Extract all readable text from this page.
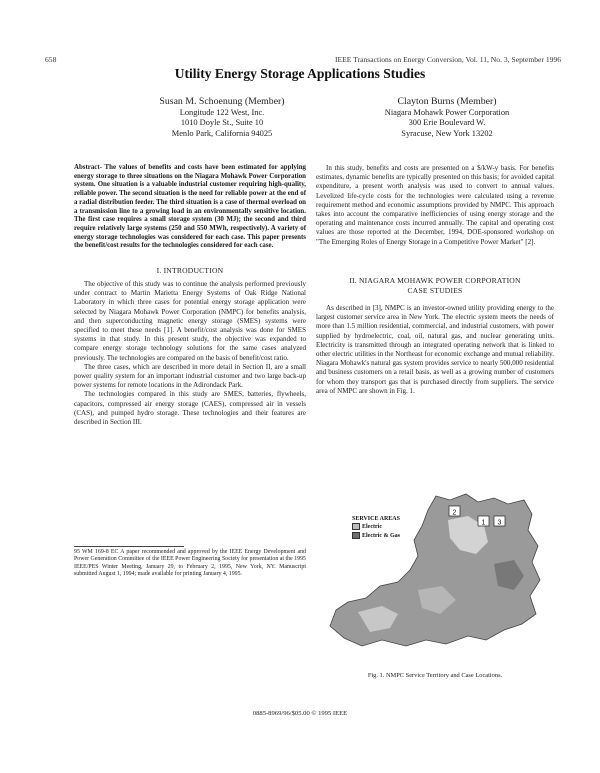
658	IEEE Transactions on Energy Conversion, Vol. 11, No. 3, September 1996
Utility Energy Storage Applications Studies
Susan M. Schoenung (Member)
Longitude 122 West, Inc.
1010 Doyle St., Suite 10
Menlo Park, California 94025
Clayton Burns (Member)
Niagara Mohawk Power Corporation
300 Erie Boulevard W.
Syracuse, New York 13202
Abstract- The values of benefits and costs have been estimated for applying energy storage to three situations on the Niagara Mohawk Power Corporation system. One situation is a valuable industrial customer requiring high-quality, reliable power. The second situation is the need for reliable power at the end of a radial distribution feeder. The third situation is a case of thermal overload on a transmission line to a growing load in an environmentally sensitive location. The first case requires a small storage system (30 MJ); the second and third require relatively large systems (250 and 550 MWh, respectively). A variety of energy storage technologies was considered for each case. This paper presents the benefit/cost results for the technologies considered for each case.
I. INTRODUCTION

The objective of this study was to continue the analysis performed previously under contract to Martin Marietta Energy Systems of Oak Ridge National Laboratory in which three cases for potential energy storage application were selected by Niagara Mohawk Power Corporation (NMPC) for benefits analysis, and then superconducting magnetic energy storage (SMES) systems were specified to meet these needs [1]. A benefit/cost analysis was done for SMES systems in that study. In this present study, the objective was expanded to compare energy storage technology solutions for the same cases analyzed previously. The technologies are compared on the basis of benefit/cost ratio.

The three cases, which are described in more detail in Section II, are a small power quality system for an important industrial customer and two large back-up power systems for remote locations in the Adirondack Park.

The technologies compared in this study are SMES, batteries, flywheels, capacitors, compressed air energy storage (CAES), compressed air in vessels (CAS), and pumped hydro storage. These technologies and their features are described in Section III.

95 WM 169-8 EC A paper recommended and approved by the IEEE Energy Development and Power Generation Committee of the IEEE Power Engineering Society for presentation at the 1995 IEEE/PES Winter Meeting, January 29, to February 2, 1995, New York, NY. Manuscript submitted August 1, 1994; made available for printing January 4, 1995.

In this study, benefits and costs are presented on a $/kW-y basis. For benefits estimates, dynamic benefits are typically presented on this basis; for avoided capital expenditure, a present worth analysis was used to convert to annual values. Levelized life-cycle costs for the technologies were calculated using a revenue requirement method and economic assumptions provided by NMPC. This approach takes into account the comparative inefficiencies of using energy storage and the operating and maintenance costs incurred annually. The capital and operating cost values are those reported at the December, 1994, DOE-sponsored workshop on "The Emerging Roles of Energy Storage in a Competitive Power Market" [2].

II. NIAGARA MOHAWK POWER CORPORATION
CASE STUDIES

As described in [3], NMPC is an investor-owned utility providing energy to the largest customer service area in New York. The electric system meets the needs of more than 1.5 million residential, commercial, and industrial customers, with power supplied by hydroelectric, coal, oil, natural gas, and nuclear generating units. Electricity is transmitted through an integrated operating network that is linked to other electric utilities in the Northeast for economic exchange and mutual reliability. Niagara Mohawk's natural gas system provides service to nearly 500,000 residential and business customers on a retail basis, as well as a growing number of customers for whom they transport gas that is purchased directly from suppliers. The service area of NMPC are shown in Fig. 1.

2
1 3
SERVICE AREAS
Electric
Electric & Gas
Fig. 1. NMPC Service Territory and Case Locations.
0885-8969/96/$05.00 © 1995 IEEE
